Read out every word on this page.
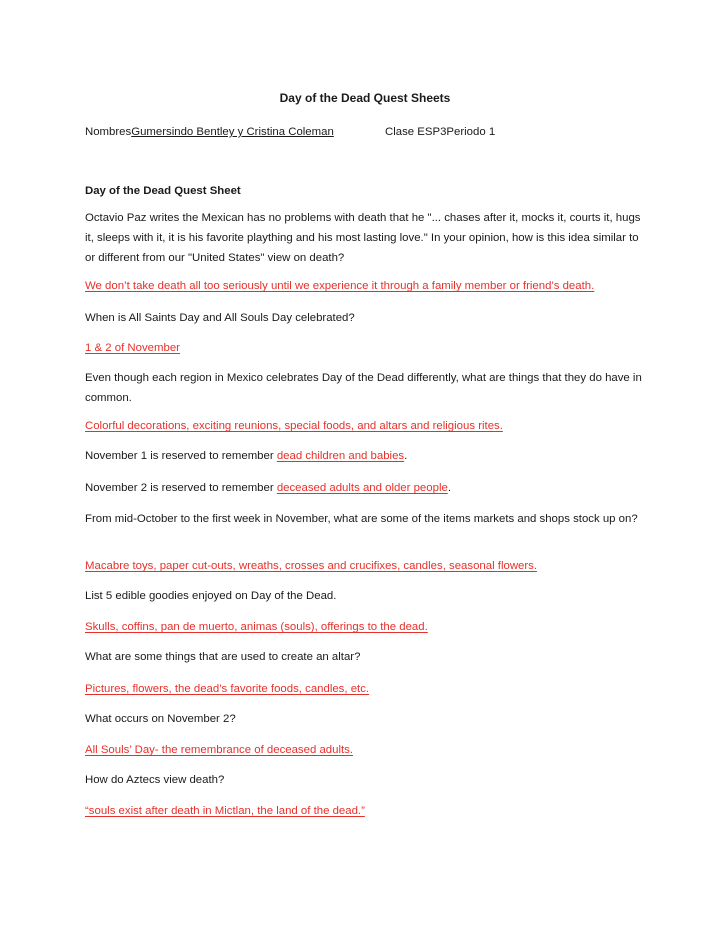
Day of the Dead Quest Sheets
NombresGumersindo Bentley y Cristina Coleman	Clase ESP3Periodo 1

Day of the Dead Quest Sheet

Octavio Paz writes the Mexican has no problems with death that he "... chases after it, mocks it, courts it, hugs it, sleeps with it, it is his favorite plaything and his most lasting love." In your opinion, how is this idea similar to or different from our "United States" view on death?

We don’t take death all too seriously until we experience it through a family member or friend’s death.

When is All Saints Day and All Souls Day celebrated?

1 & 2 of November

Even though each region in Mexico celebrates Day of the Dead differently, what are things that they do have in common.

Colorful decorations, exciting reunions, special foods, and altars and religious rites.

November 1 is reserved to remember dead children and babies.

November 2 is reserved to remember deceased adults and older people.

From mid-October to the first week in November, what are some of the items markets and shops stock up on?

Macabre toys, paper cut-outs, wreaths, crosses and crucifixes, candles, seasonal flowers.

List 5 edible goodies enjoyed on Day of the Dead.

Skulls, coffins, pan de muerto, animas (souls), offerings to the dead.

What are some things that are used to create an altar?

Pictures, flowers, the dead’s favorite foods, candles, etc.

What occurs on November 2?

All Souls’ Day- the remembrance of deceased adults.

How do Aztecs view death?

“souls exist after death in Mictlan, the land of the dead.”
